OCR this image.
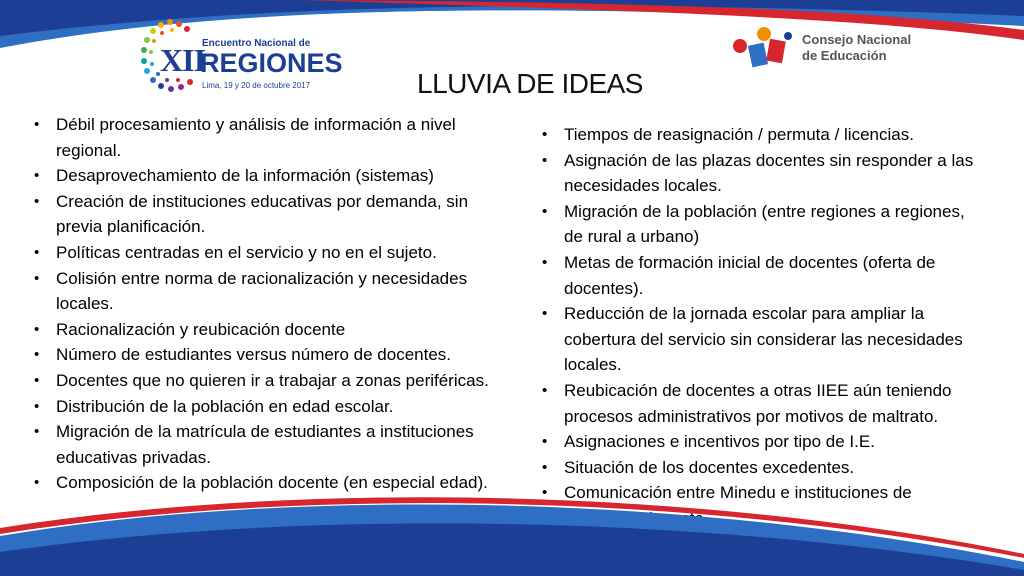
XII
Encuentro Nacional de
REGIONES
Lima, 19 y 20 de octubre 2017
Consejo Nacional
de Educación
LLUVIA DE IDEAS
• Débil procesamiento y análisis de información a nivel regional.
• Desaprovechamiento de la información (sistemas)
• Creación de instituciones educativas por demanda, sin previa planificación.
• Políticas centradas en el servicio y no en el sujeto.
• Colisión entre norma de racionalización y necesidades locales.
• Racionalización y reubicación docente
• Número de estudiantes versus número de docentes.
• Docentes que no quieren ir a trabajar a zonas periféricas.
• Distribución de la población en edad escolar.
• Migración de la matrícula de estudiantes a instituciones educativas privadas.
• Composición de la población docente (en especial edad).
• Tiempos de reasignación / permuta / licencias.
• Asignación de las plazas docentes sin responder a las necesidades locales.
• Migración de la población (entre regiones a regiones, de rural a urbano)
• Metas de formación inicial de docentes (oferta de docentes).
• Reducción de la jornada escolar para ampliar la cobertura del servicio sin considerar las necesidades locales.
• Reubicación de docentes a otras IIEE aún teniendo procesos administrativos por motivos de maltrato.
• Asignaciones e incentivos por tipo de I.E.
• Situación de los docentes excedentes.
• Comunicación entre Minedu e instituciones de
